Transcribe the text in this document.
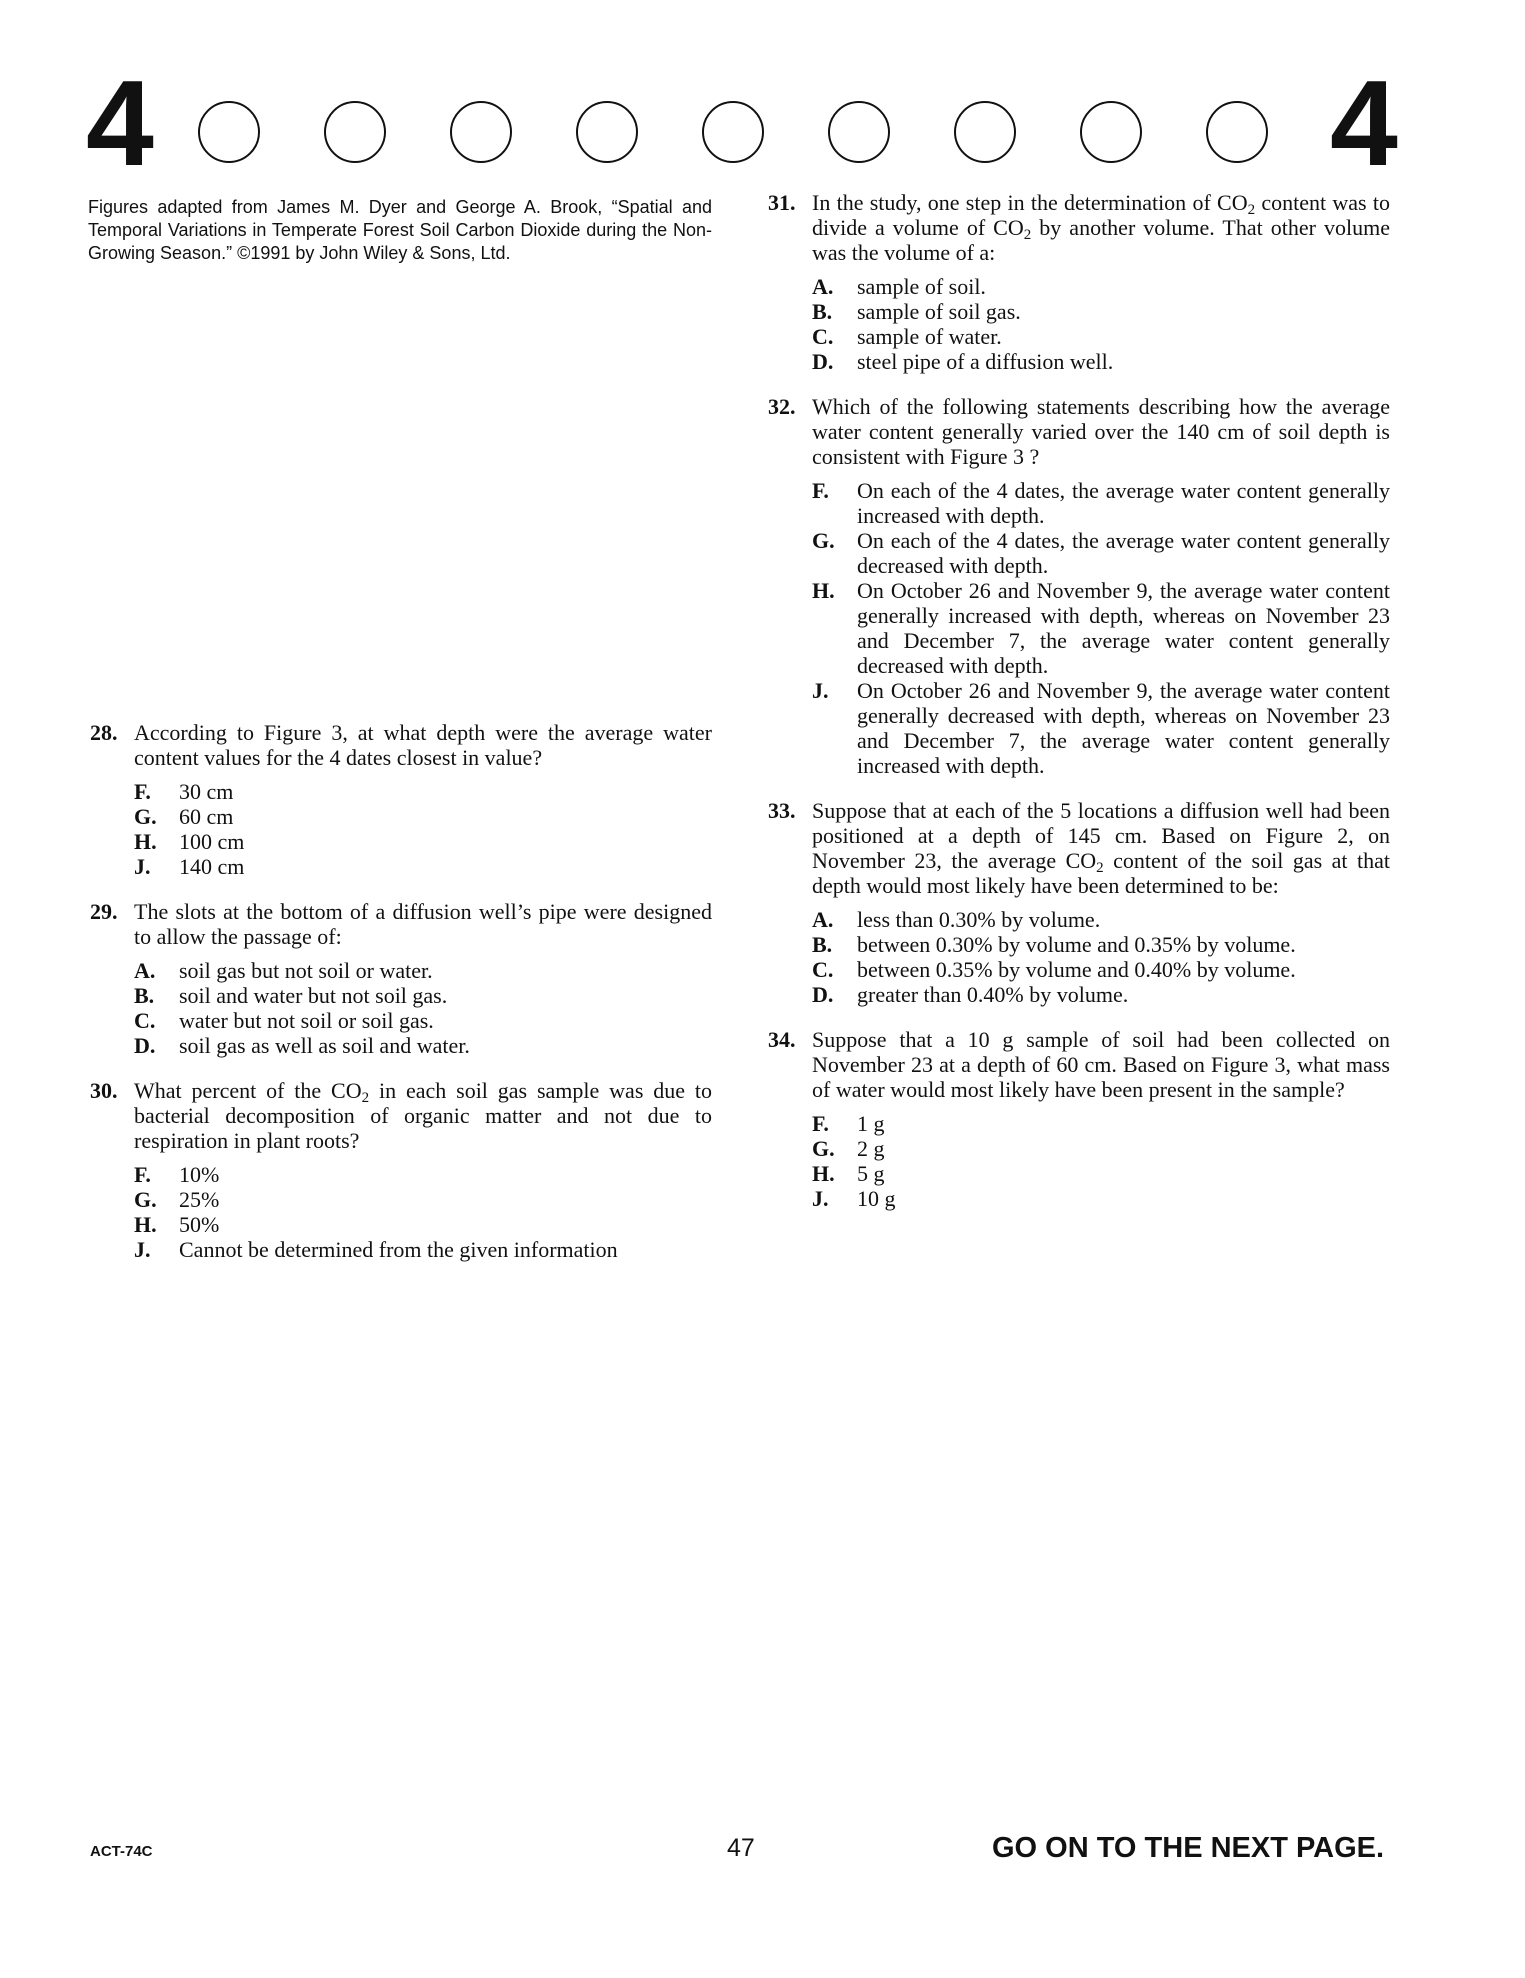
4	4
Figures adapted from James M. Dyer and George A. Brook, “Spatial and Temporal Variations in Temperate Forest Soil Carbon Dioxide during the Non-Growing Season.” ©1991 by John Wiley & Sons, Ltd.
28. According to Figure 3, at what depth were the average water content values for the 4 dates closest in value?
F. 30 cm
G. 60 cm
H. 100 cm
J. 140 cm
29. The slots at the bottom of a diffusion well’s pipe were designed to allow the passage of:
A. soil gas but not soil or water.
B. soil and water but not soil gas.
C. water but not soil or soil gas.
D. soil gas as well as soil and water.
30. What percent of the $CO_2$ in each soil gas sample was due to bacterial decomposition of organic matter and not due to respiration in plant roots?
F. 10%
G. 25%
H. 50%
J. Cannot be determined from the given information
31. In the study, one step in the determination of $CO_2$ content was to divide a volume of $CO_2$ by another volume. That other volume was the volume of a:
A. sample of soil.
B. sample of soil gas.
C. sample of water.
D. steel pipe of a diffusion well.
32. Which of the following statements describing how the average water content generally varied over the 140 cm of soil depth is consistent with Figure 3 ?
F. On each of the 4 dates, the average water content generally increased with depth.
G. On each of the 4 dates, the average water content generally decreased with depth.
H. On October 26 and November 9, the average water content generally increased with depth, whereas on November 23 and December 7, the average water content generally decreased with depth.
J. On October 26 and November 9, the average water content generally decreased with depth, whereas on November 23 and December 7, the average water content generally increased with depth.
33. Suppose that at each of the 5 locations a diffusion well had been positioned at a depth of 145 cm. Based on Figure 2, on November 23, the average $CO_2$ content of the soil gas at that depth would most likely have been determined to be:
A. less than 0.30% by volume.
B. between 0.30% by volume and 0.35% by volume.
C. between 0.35% by volume and 0.40% by volume.
D. greater than 0.40% by volume.
34. Suppose that a 10 g sample of soil had been collected on November 23 at a depth of 60 cm. Based on Figure 3, what mass of water would most likely have been present in the sample?
F. 1 g
G. 2 g
H. 5 g
J. 10 g
ACT-74C	47	GO ON TO THE NEXT PAGE.
